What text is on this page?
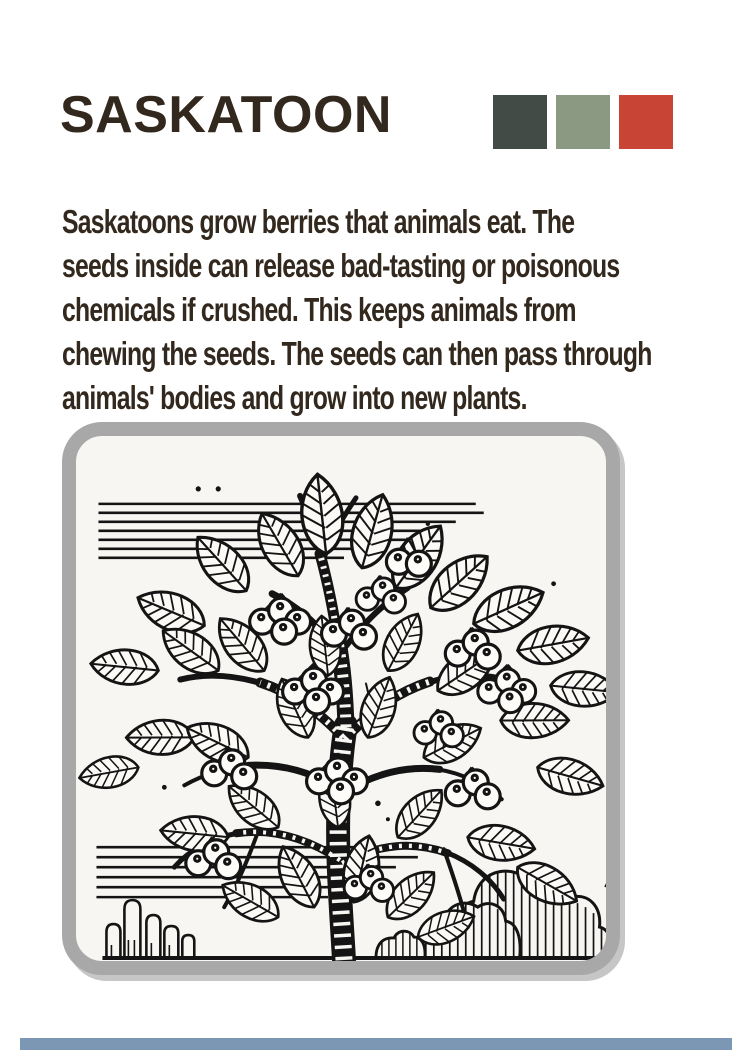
SASKATOON
Saskatoons grow berries that animals eat. The
seeds inside can release bad-tasting or poisonous
chemicals if crushed. This keeps animals from
chewing the seeds. The seeds can then pass through
animals' bodies and grow into new plants.
